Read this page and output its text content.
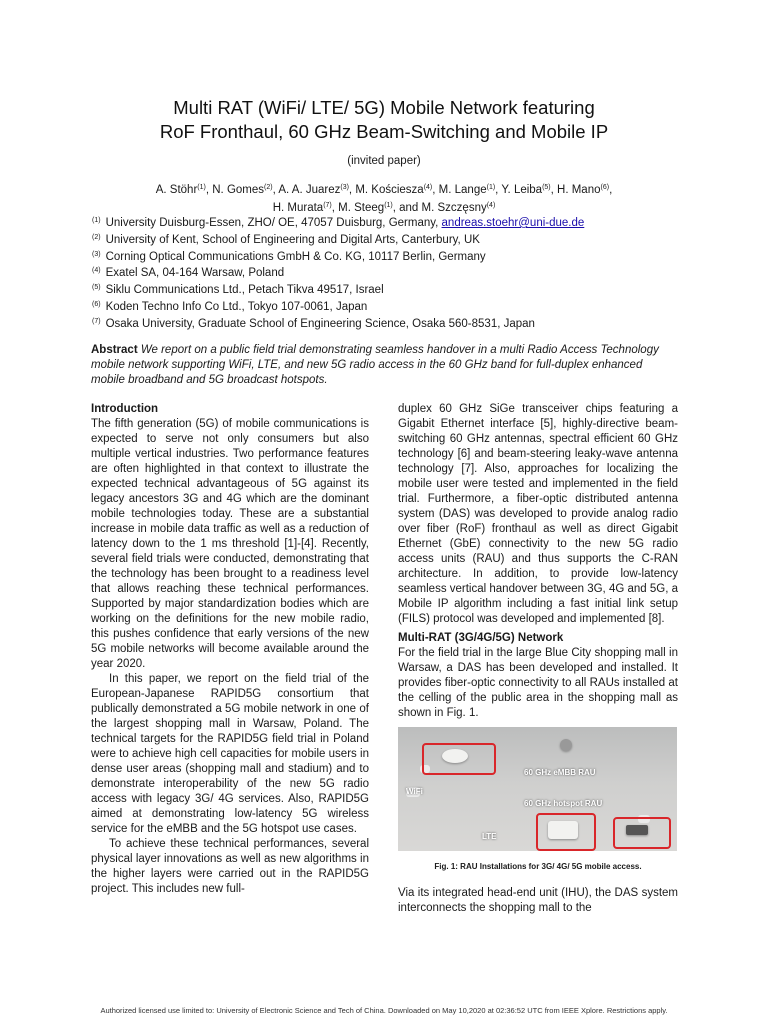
Multi RAT (WiFi/ LTE/ 5G) Mobile Network featuring
RoF Fronthaul, 60 GHz Beam-Switching and Mobile IP
(invited paper)
A. Stöhr$^{(1)}$, N. Gomes$^{(2)}$, A. A. Juarez$^{(3)}$, M. Kościesza$^{(4)}$, M. Lange$^{(1)}$, Y. Leiba$^{(5)}$, H. Mano$^{(6)}$,
H. Murata$^{(7)}$, M. Steeg$^{(1)}$, and M. Szczęsny$^{(4)}$
$^{(1)}$ University Duisburg-Essen, ZHO/ OE, 47057 Duisburg, Germany, andreas.stoehr@uni-due.de
$^{(2)}$ University of Kent, School of Engineering and Digital Arts, Canterbury, UK
$^{(3)}$ Corning Optical Communications GmbH & Co. KG, 10117 Berlin, Germany
$^{(4)}$ Exatel SA, 04-164 Warsaw, Poland
$^{(5)}$ Siklu Communications Ltd., Petach Tikva 49517, Israel
$^{(6)}$ Koden Techno Info Co Ltd., Tokyo 107-0061, Japan
$^{(7)}$ Osaka University, Graduate School of Engineering Science, Osaka 560-8531, Japan
Abstract We report on a public field trial demonstrating seamless handover in a multi Radio Access Technology mobile network supporting WiFi, LTE, and new 5G radio access in the 60 GHz band for full-duplex enhanced mobile broadband and 5G broadcast hotspots.
Introduction

The fifth generation (5G) of mobile communications is expected to serve not only consumers but also multiple vertical industries. Two performance features are often highlighted in that context to illustrate the expected technical advantageous of 5G against its legacy ancestors 3G and 4G which are the dominant mobile technologies today. These are a substantial increase in mobile data traffic as well as a reduction of latency down to the 1 ms threshold [1]-[4]. Recently, several field trials were conducted, demonstrating that the technology has been brought to a readiness level that allows reaching these technical performances. Supported by major standardization bodies which are working on the definitions for the new mobile radio, this pushes confidence that early versions of the new 5G mobile networks will become available around the year 2020.

In this paper, we report on the field trial of the European-Japanese RAPID5G consortium that publically demonstrated a 5G mobile network in one of the largest shopping mall in Warsaw, Poland. The technical targets for the RAPID5G field trial in Poland were to achieve high cell capacities for mobile users in dense user areas (shopping mall and stadium) and to demonstrate interoperability of the new 5G radio access with legacy 3G/ 4G services. Also, RAPID5G aimed at demonstrating low-latency 5G wireless service for the eMBB and the 5G hotspot use cases.

To achieve these technical performances, several physical layer innovations as well as new algorithms in the higher layers were carried out in the RAPID5G project. This includes new full-

duplex 60 GHz SiGe transceiver chips featuring a Gigabit Ethernet interface [5], highly-directive beam-switching 60 GHz antennas, spectral efficient 60 GHz technology [6] and beam-steering leaky-wave antenna technology [7]. Also, approaches for localizing the mobile user were tested and implemented in the field trial. Furthermore, a fiber-optic distributed antenna system (DAS) was developed to provide analog radio over fiber (RoF) fronthaul as well as direct Gigabit Ethernet (GbE) connectivity to the new 5G radio access units (RAU) and thus supports the C-RAN architecture. In addition, to provide low-latency seamless vertical handover between 3G, 4G and 5G, a Mobile IP algorithm including a fast initial link setup (FILS) protocol was developed and implemented [8].

Multi-RAT (3G/4G/5G) Network

For the field trial in the large Blue City shopping mall in Warsaw, a DAS has been developed and installed. It provides fiber-optic connectivity to all RAUs installed at the celling of the public area in the shopping mall as shown in Fig. 1.

WiFi
60 GHz eMBB RAU
60 GHz hotspot RAU
LTE
Fig. 1: RAU Installations for 3G/ 4G/ 5G mobile access.

Via its integrated head-end unit (IHU), the DAS system interconnects the shopping mall to the

Authorized licensed use limited to: University of Electronic Science and Tech of China. Downloaded on May 10,2020 at 02:36:52 UTC from IEEE Xplore. Restrictions apply.
